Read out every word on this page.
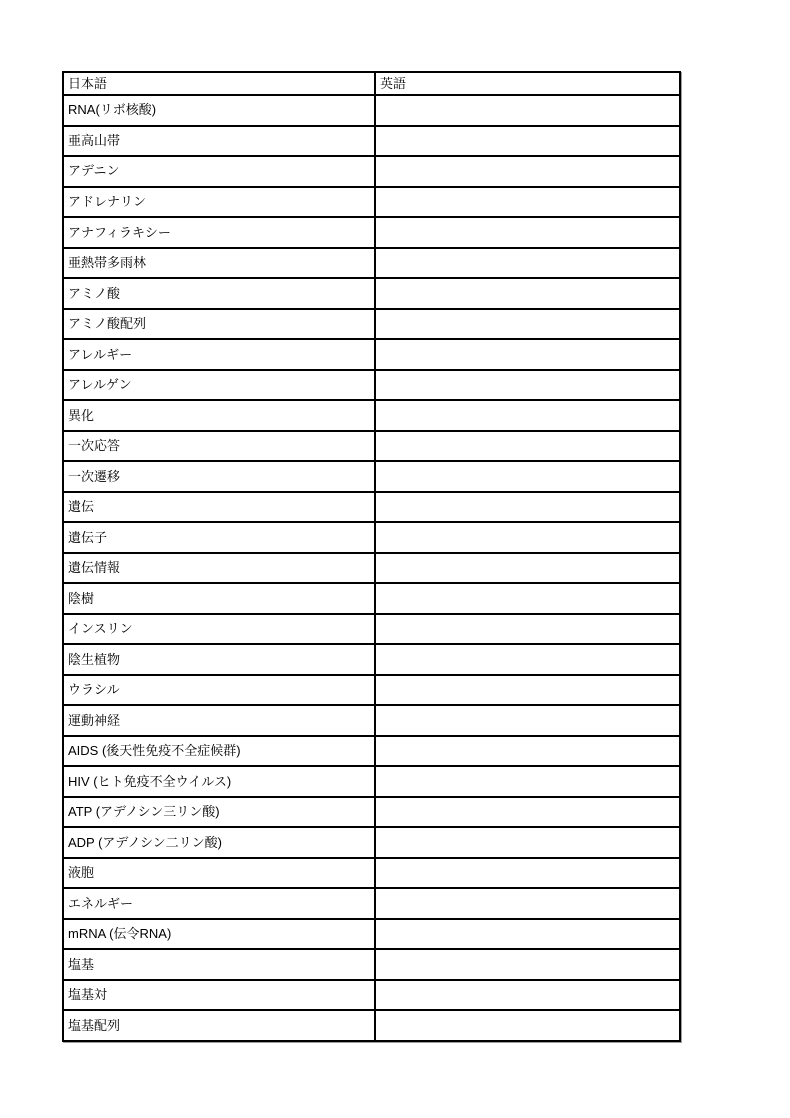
日本語	英語
RNA(リボ核酸)	
亜高山帯	
アデニン	
アドレナリン	
アナフィラキシー	
亜熱帯多雨林	
アミノ酸	
アミノ酸配列	
アレルギー	
アレルゲン	
異化	
一次応答	
一次遷移	
遺伝	
遺伝子	
遺伝情報	
陰樹	
インスリン	
陰生植物	
ウラシル	
運動神経	
AIDS (後天性免疫不全症候群)	
HIV (ヒト免疫不全ウイルス)	
ATP (アデノシン三リン酸)	
ADP (アデノシン二リン酸)	
液胞	
エネルギー	
mRNA (伝令RNA)	
塩基	
塩基対	
塩基配列	
